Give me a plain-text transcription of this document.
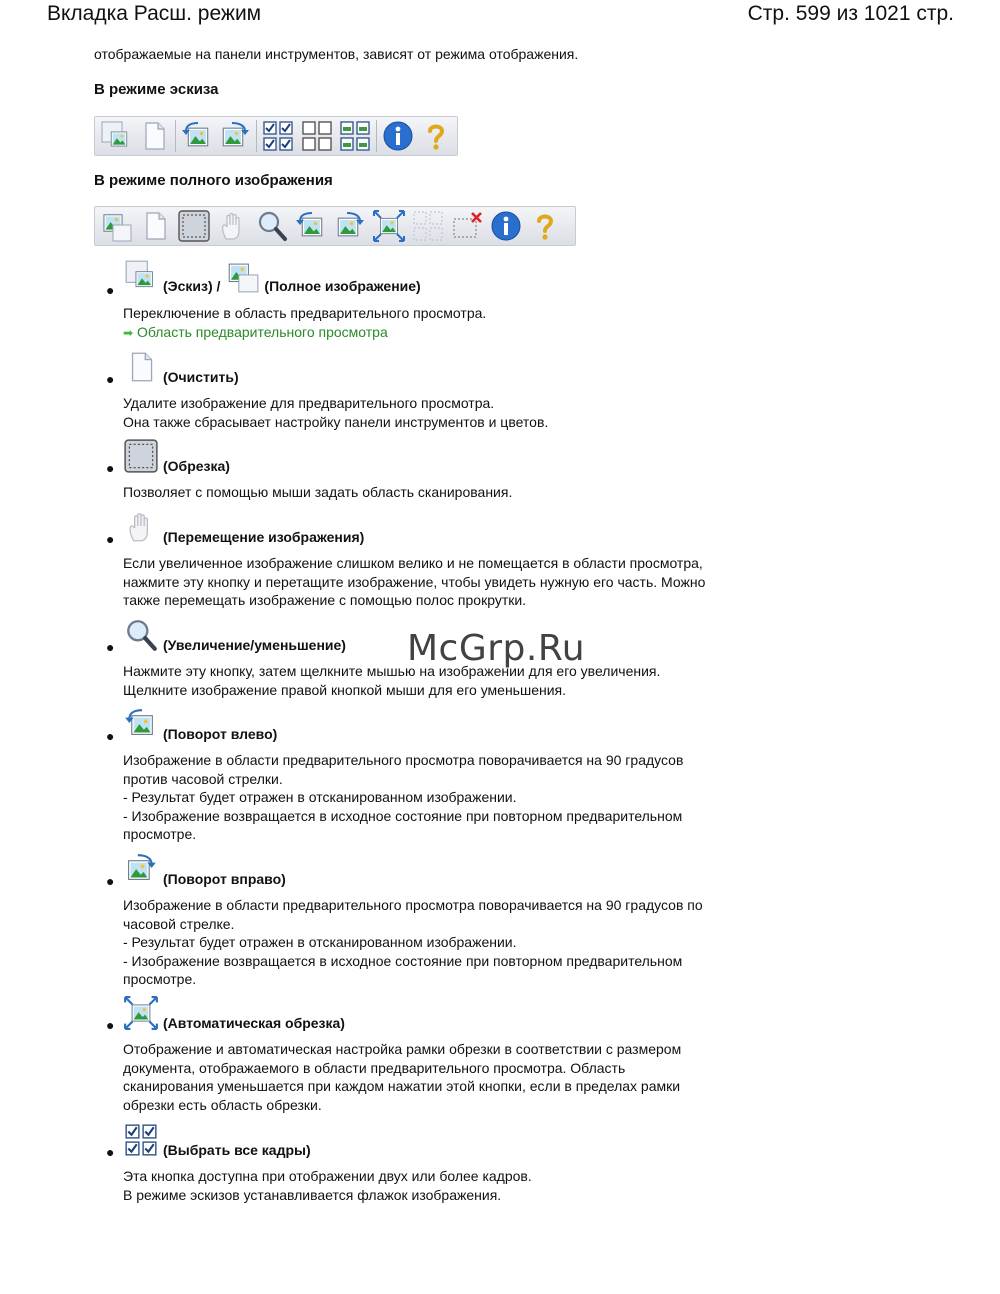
Вкладка Расш. режим	Стр. 599 из 1021 стр.
отображаемые на панели инструментов, зависят от режима отображения.
В режиме эскиза
В режиме полного изображения
McGrp.Ru
●	(Эскиз) /	(Полное изображение)

Переключение в область предварительного просмотра.

➡ Область предварительного просмотра

●	(Очистить)

Удалите изображение для предварительного просмотра.

Она также сбрасывает настройку панели инструментов и цветов.

●	(Обрезка)

Позволяет с помощью мыши задать область сканирования.

●	(Перемещение изображения)

Если увеличенное изображение слишком велико и не помещается в области просмотра,

нажмите эту кнопку и перетащите изображение, чтобы увидеть нужную его часть. Можно

также перемещать изображение с помощью полос прокрутки.

●	(Увеличение/уменьшение)

Нажмите эту кнопку, затем щелкните мышью на изображении для его увеличения.

Щелкните изображение правой кнопкой мыши для его уменьшения.

●	(Поворот влево)

Изображение в области предварительного просмотра поворачивается на 90 градусов

против часовой стрелки.

- Результат будет отражен в отсканированном изображении.

- Изображение возвращается в исходное состояние при повторном предварительном

просмотре.

●	(Поворот вправо)

Изображение в области предварительного просмотра поворачивается на 90 градусов по

часовой стрелке.

- Результат будет отражен в отсканированном изображении.

- Изображение возвращается в исходное состояние при повторном предварительном

просмотре.

●	(Автоматическая обрезка)

Отображение и автоматическая настройка рамки обрезки в соответствии с размером

документа, отображаемого в области предварительного просмотра. Область

сканирования уменьшается при каждом нажатии этой кнопки, если в пределах рамки

обрезки есть область обрезки.

●	(Выбрать все кадры)

Эта кнопка доступна при отображении двух или более кадров.

В режиме эскизов устанавливается флажок изображения.
